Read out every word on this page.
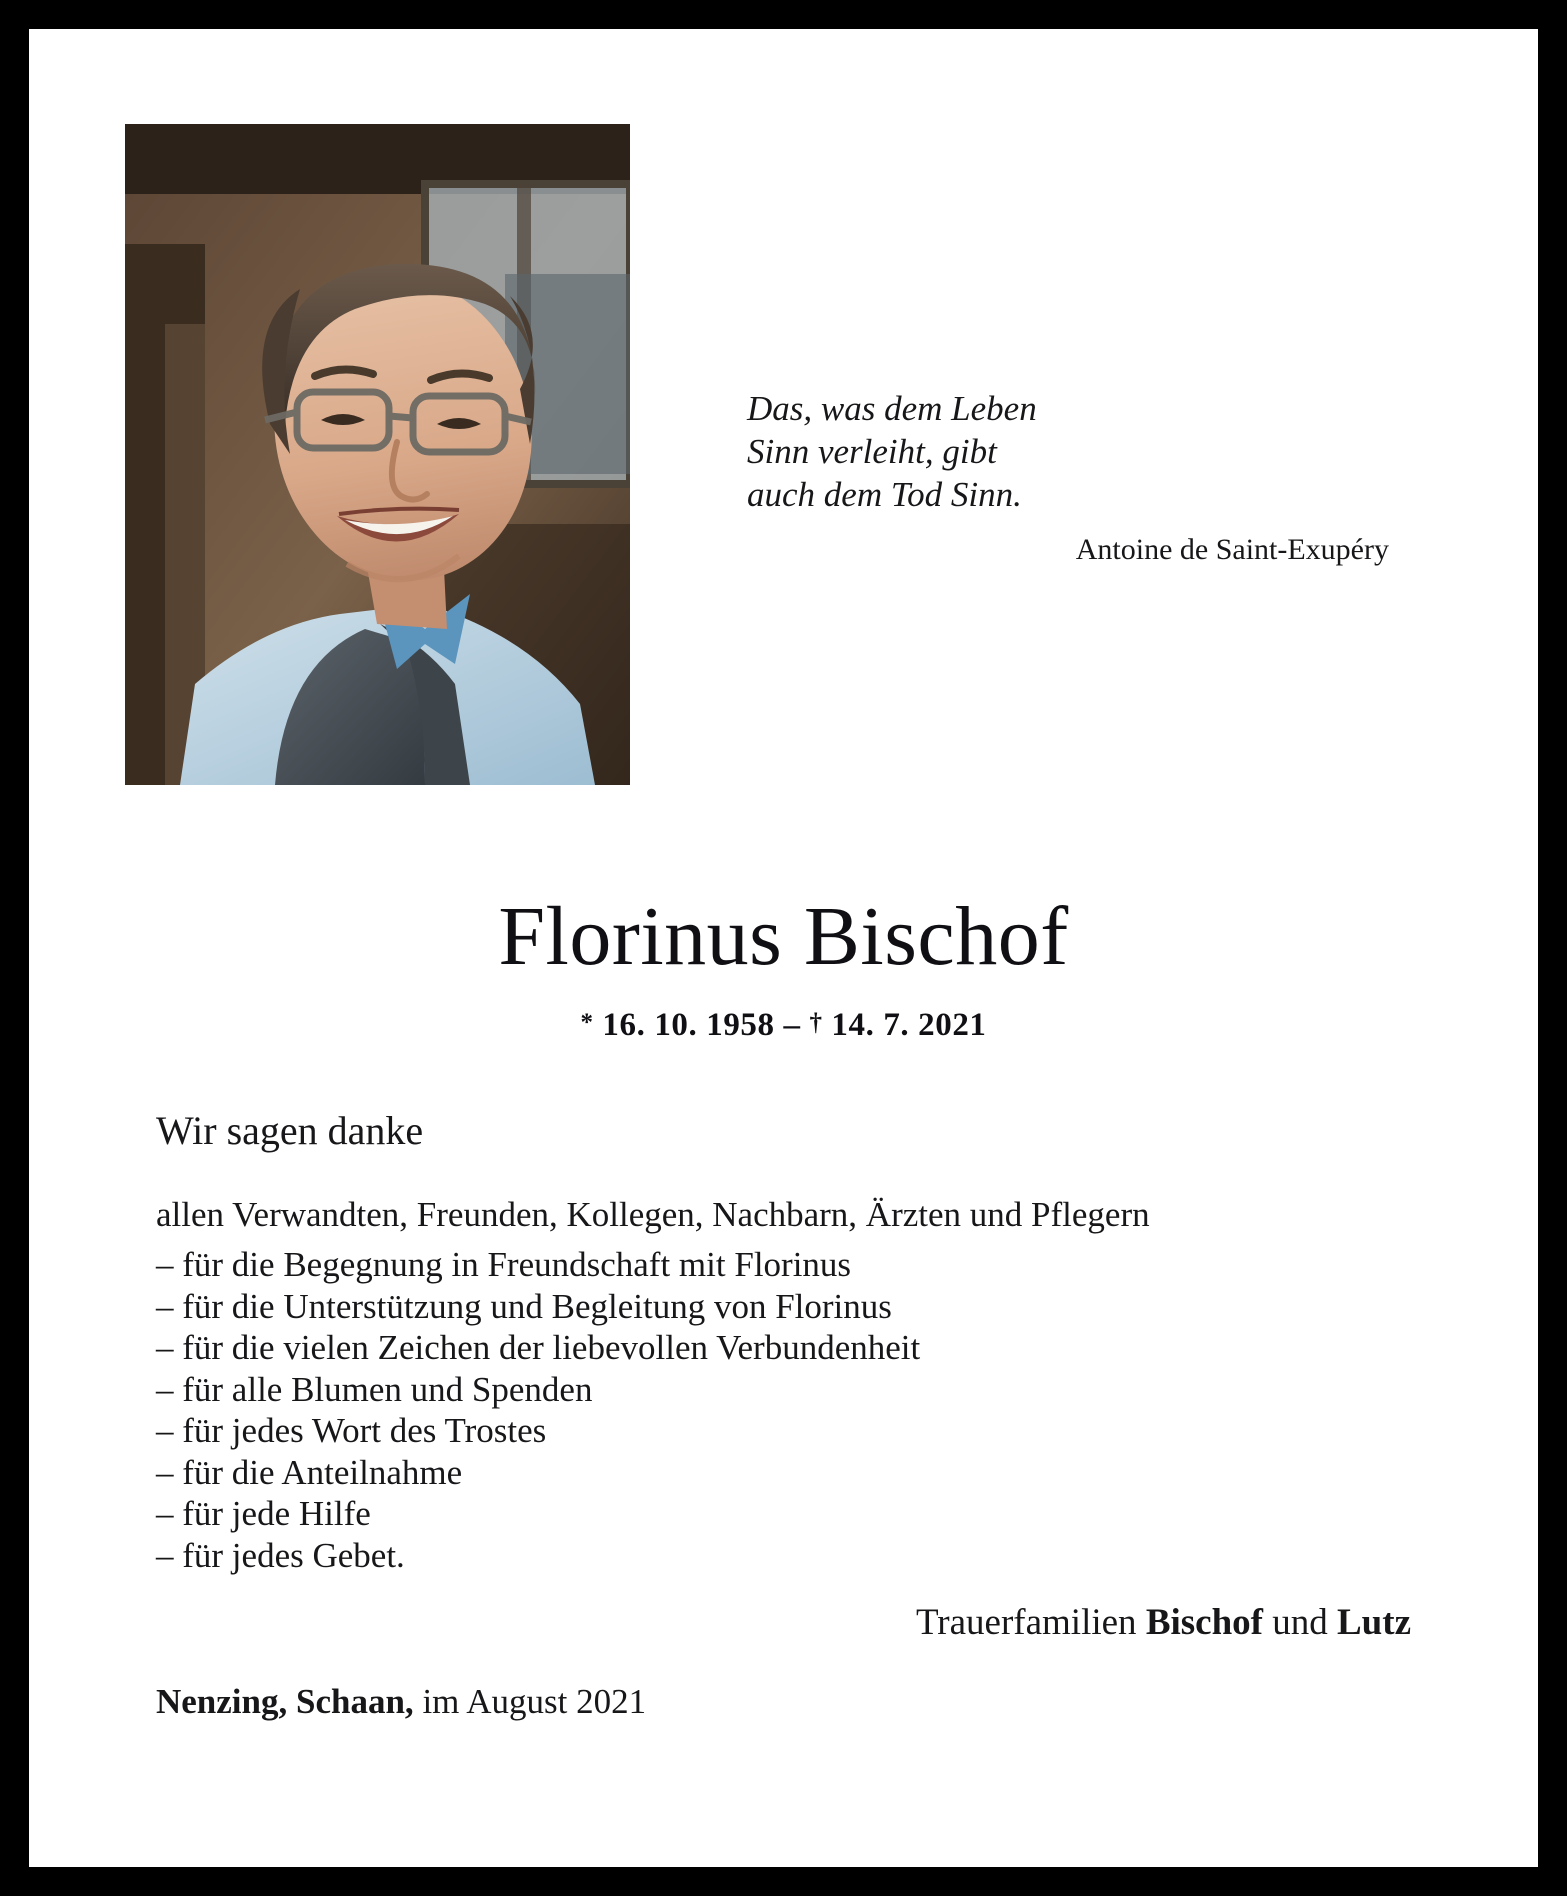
Das, was dem Leben

Sinn verleiht, gibt

auch dem Tod Sinn.

Antoine de Saint-Exupéry

Florinus Bischof
* 16. 10. 1958 – † 14. 7. 2021
Wir sagen danke
allen Verwandten, Freunden, Kollegen, Nachbarn, Ärzten und Pflegern
– für die Begegnung in Freundschaft mit Florinus
– für die Unterstützung und Begleitung von Florinus
– für die vielen Zeichen der liebevollen Verbundenheit
– für alle Blumen und Spenden
– für jedes Wort des Trostes
– für die Anteilnahme
– für jede Hilfe
– für jedes Gebet.
Trauerfamilien Bischof und Lutz
Nenzing, Schaan, im August 2021
